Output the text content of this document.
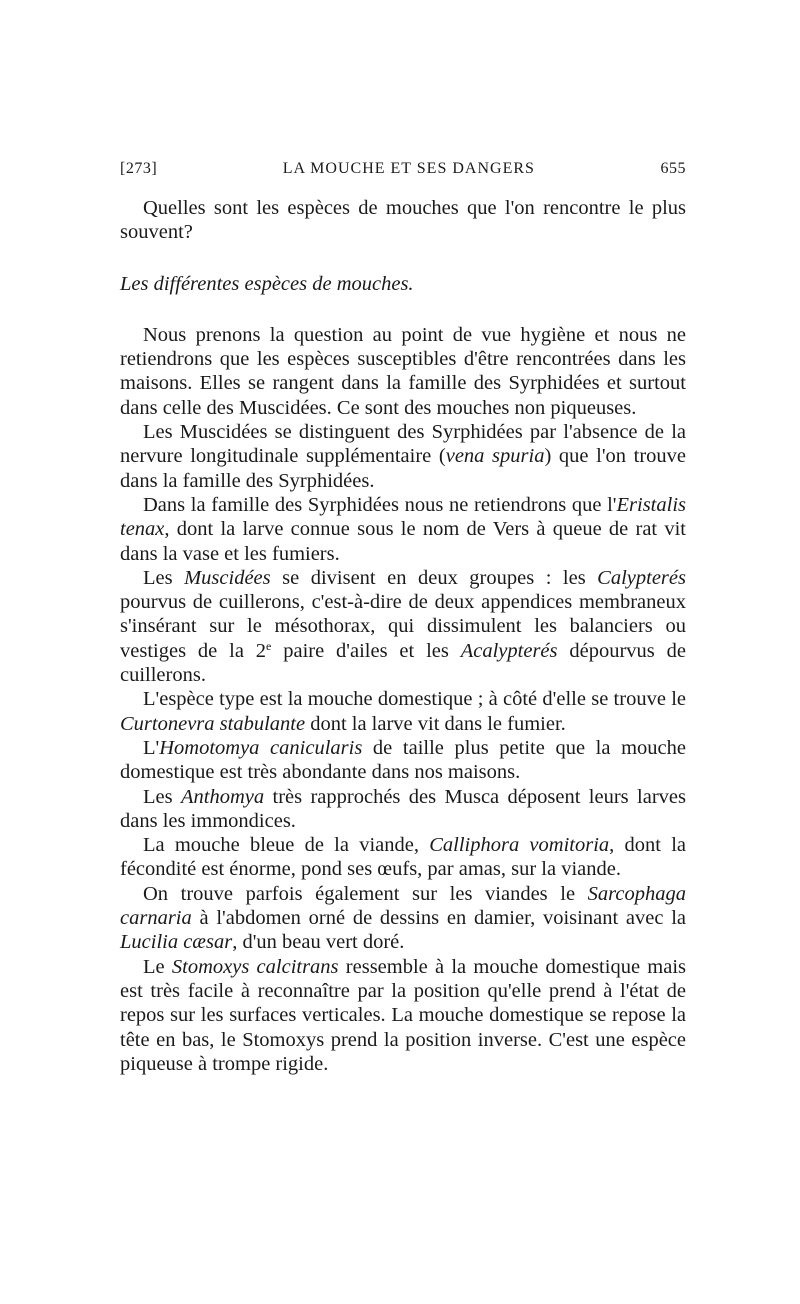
[273]	LA MOUCHE ET SES DANGERS	655

Quelles sont les espèces de mouches que l'on rencontre le plus souvent?

Les différentes espèces de mouches.

Nous prenons la question au point de vue hygiène et nous ne retiendrons que les espèces susceptibles d'être rencontrées dans les maisons. Elles se rangent dans la famille des Syrphidées et surtout dans celle des Muscidées. Ce sont des mouches non piqueuses.

Les Muscidées se distinguent des Syrphidées par l'absence de la nervure longitudinale supplémentaire (vena spuria) que l'on trouve dans la famille des Syrphidées.

Dans la famille des Syrphidées nous ne retiendrons que l'Eristalis tenax, dont la larve connue sous le nom de Vers à queue de rat vit dans la vase et les fumiers.

Les Muscidées se divisent en deux groupes : les Calypterés pourvus de cuillerons, c'est-à-dire de deux appendices membraneux s'insérant sur le mésothorax, qui dissimulent les balanciers ou vestiges de la 2e paire d'ailes et les Acalypterés dépourvus de cuillerons.

L'espèce type est la mouche domestique ; à côté d'elle se trouve le Curtonevra stabulante dont la larve vit dans le fumier.

L'Homotomya canicularis de taille plus petite que la mouche domestique est très abondante dans nos maisons.

Les Anthomya très rapprochés des Musca déposent leurs larves dans les immondices.

La mouche bleue de la viande, Calliphora vomitoria, dont la fécondité est énorme, pond ses œufs, par amas, sur la viande.

On trouve parfois également sur les viandes le Sarcophaga carnaria à l'abdomen orné de dessins en damier, voisinant avec la Lucilia cæsar, d'un beau vert doré.

Le Stomoxys calcitrans ressemble à la mouche domestique mais est très facile à reconnaître par la position qu'elle prend à l'état de repos sur les surfaces verticales. La mouche domestique se repose la tête en bas, le Stomoxys prend la position inverse. C'est une espèce piqueuse à trompe rigide.
